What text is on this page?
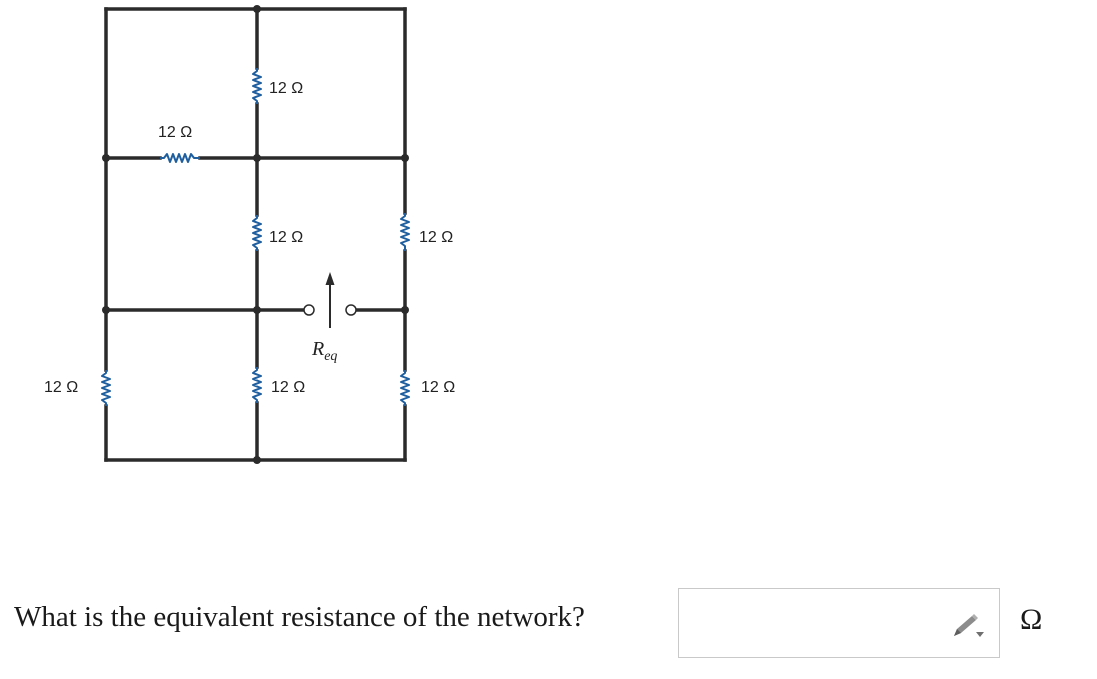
12 Ω
12 Ω
12 Ω	12 Ω
12 Ω	12 Ω	12 Ω
$R_{eq}$
What is the equivalent resistance of the network?	Ω
